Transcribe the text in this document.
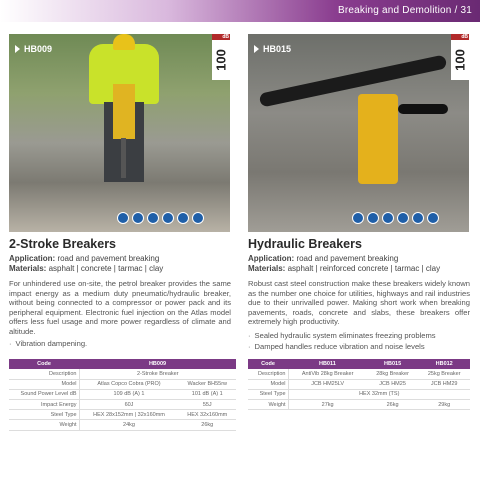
Breaking and Demolition / 31
HB009
dB
100
HB015
dB
100
2-Stroke Breakers
Application: road and pavement breaking
Materials: asphalt | concrete | tarmac | clay
For unhindered use on-site, the petrol breaker provides the same impact energy as a medium duty pneumatic/hydraulic breaker, without being connected to a compressor or power pack and its peripheral equipment. Electronic fuel injection on the Atlas model offers less fuel usage and more power regardless of climate and altitude.
· Vibration dampening.
Hydraulic Breakers
Application: road and pavement breaking
Materials: asphalt | reinforced concrete | tarmac | clay
Robust cast steel construction make these breakers widely known as the number one choice for utilities, highways and rail industries due to their unrivalled power. Making short work when breaking pavements, roads, concrete and slabs, these breakers offer extremely high productivity.
· Sealed hydraulic system eliminates freezing problems
· Damped handles reduce vibration and noise levels
Code	HB009	
Description	2-Stroke Breaker	
Model	Atlas Copco Cobra (PRO)	Wacker BH55rw
Sound Power Level dB	109 dB (A) 1	101 dB (A) 1
Impact Energy	60J	55J
Steel Type	HEX 28x152mm | 32x160mm	HEX 32x160mm
Weight	24kg	26kg
Code	HB011	HB015	HB012
Description	AntiVib 28kg Breaker	28kg Breaker	25kg Breaker
Model	JCB HM25LV	JCB HM25	JCB HM29
Steel Type	HEX 32mm (TS)		
Weight	27kg	26kg	29kg
